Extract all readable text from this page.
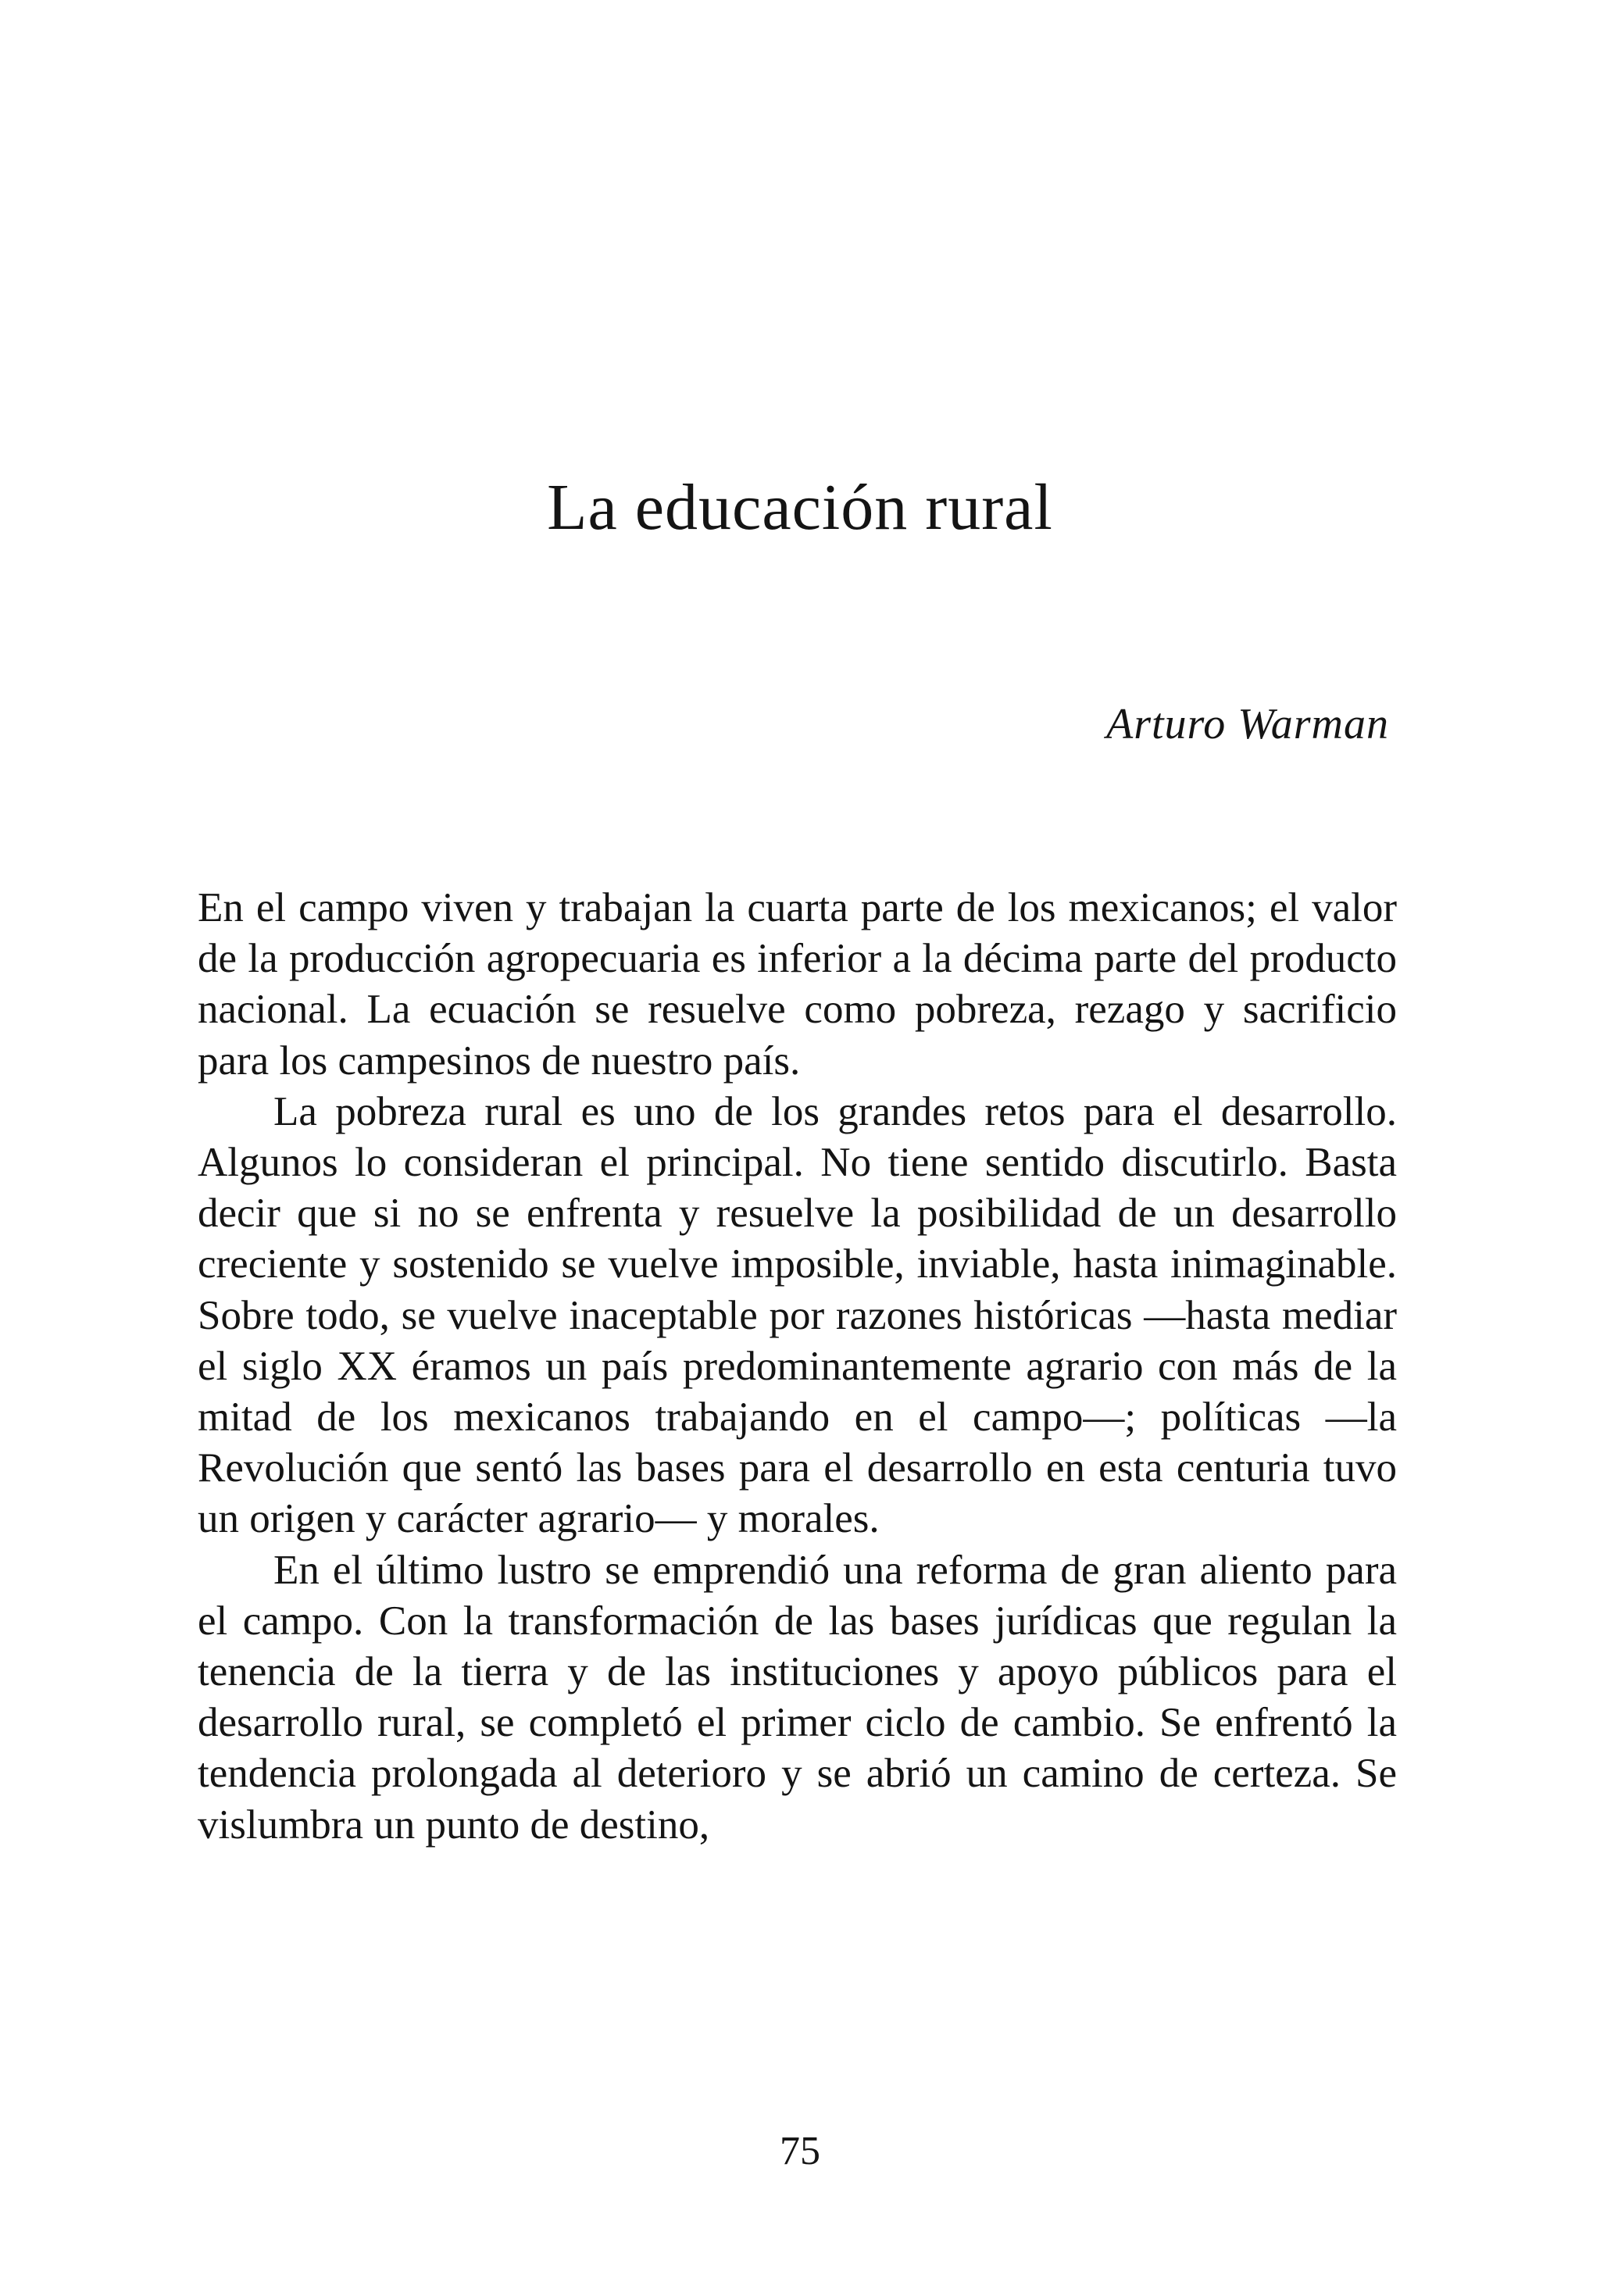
La educación rural

Arturo Warman

En el campo viven y trabajan la cuarta parte de los mexicanos; el valor de la producción agropecuaria es inferior a la décima parte del producto nacional. La ecuación se resuelve como pobreza, rezago y sacrificio para los campesinos de nuestro país.

La pobreza rural es uno de los grandes retos para el desarrollo. Algunos lo consideran el principal. No tiene sentido discutirlo. Basta decir que si no se enfrenta y resuelve la posibilidad de un desarrollo creciente y sostenido se vuelve imposible, inviable, hasta inimaginable. Sobre todo, se vuelve inaceptable por razones históricas —hasta mediar el siglo XX éramos un país predominantemente agrario con más de la mitad de los mexicanos trabajando en el campo—; políticas —la Revolución que sentó las bases para el desarrollo en esta centuria tuvo un origen y carácter agrario— y morales.

En el último lustro se emprendió una reforma de gran aliento para el campo. Con la transformación de las bases jurídicas que regulan la tenencia de la tierra y de las instituciones y apoyo públicos para el desarrollo rural, se completó el primer ciclo de cambio. Se enfrentó la tendencia prolongada al deterioro y se abrió un camino de certeza. Se vislumbra un punto de destino,

75
